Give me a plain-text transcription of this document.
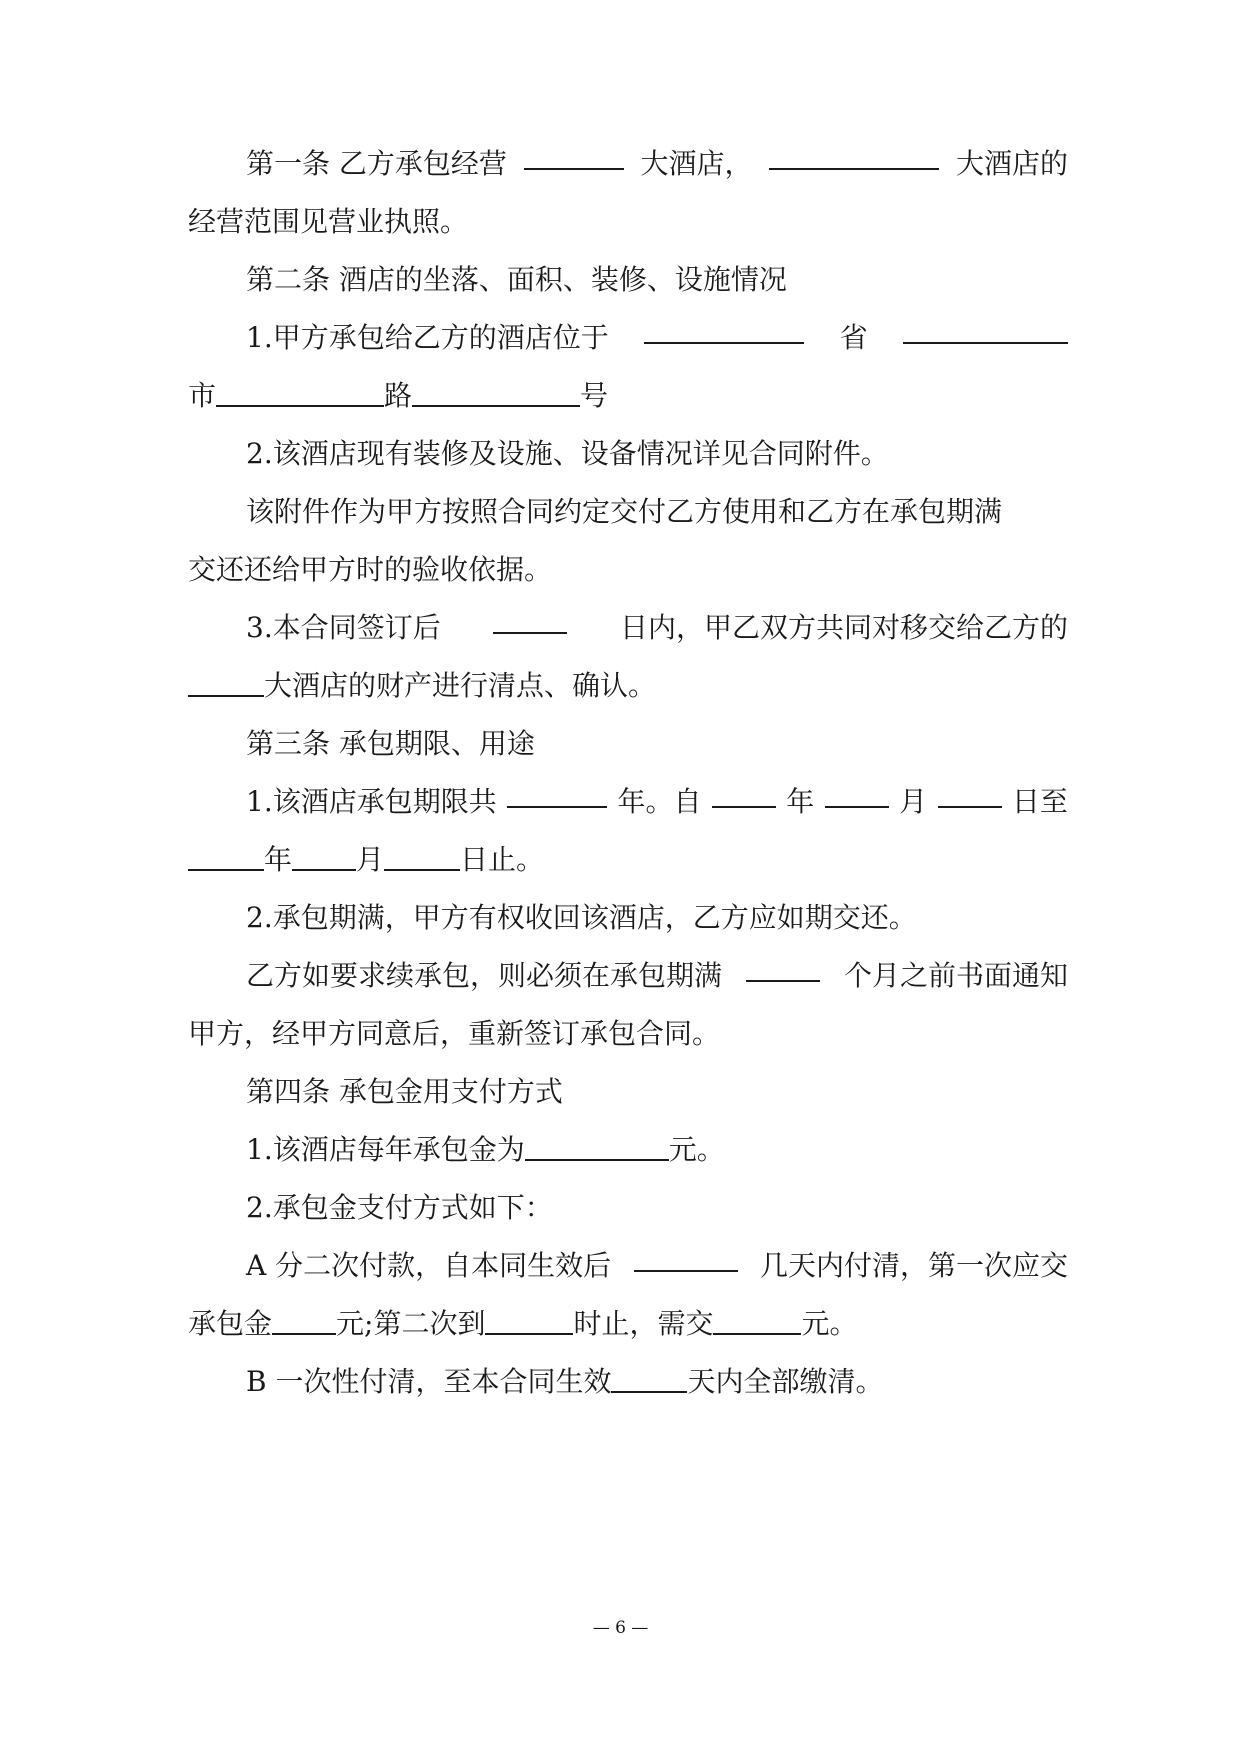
第一条 乙方承包经营	大酒店，	大酒店的
经营范围见营业执照。
第二条 酒店的坐落、面积、装修、设施情况
1.甲方承包给乙方的酒店位于	省
市	路	号
2.该酒店现有装修及设施、设备情况详见合同附件。
该附件作为甲方按照合同约定交付乙方使用和乙方在承包期满
交还还给甲方时的验收依据。
3.本合同签订后	日内，甲乙双方共同对移交给乙方的
大酒店的财产进行清点、确认。
第三条 承包期限、用途
1.该酒店承包期限共	年。自	年	月	日至
年 月	日止。
2.承包期满，甲方有权收回该酒店，乙方应如期交还。
乙方如要求续承包，则必须在承包期满	个月之前书面通知
甲方，经甲方同意后，重新签订承包合同。
第四条 承包金用支付方式
1.该酒店每年承包金为	元。
2.承包金支付方式如下：
A 分二次付款，自本同生效后	几天内付清，第一次应交
承包金 元;第二次到	时止，需交	元。
B 一次性付清，至本合同生效	天内全部缴清。
— 6 —
